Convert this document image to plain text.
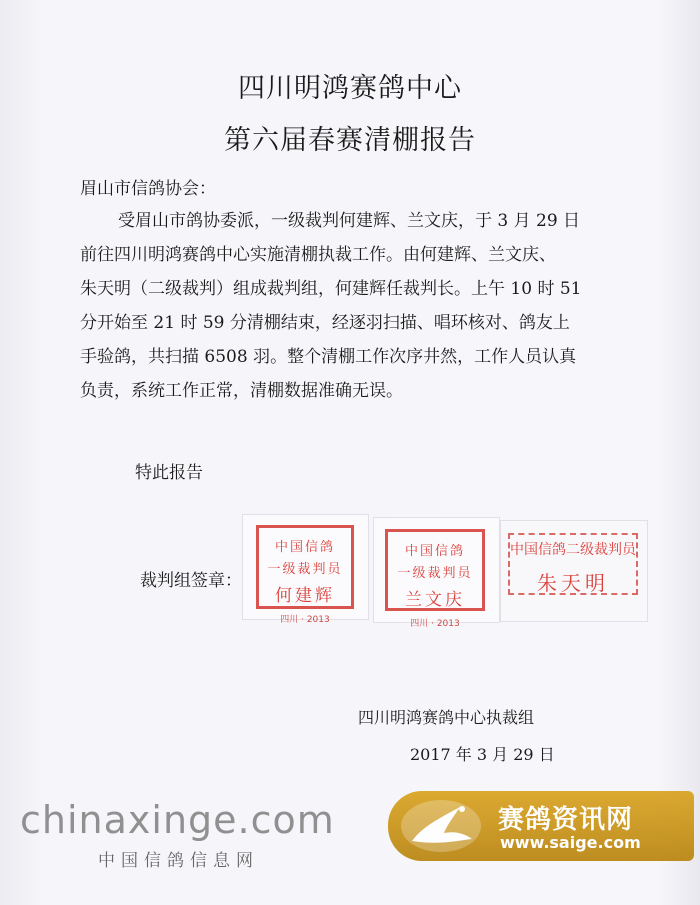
四川明鸿赛鸽中心
第六届春赛清棚报告
眉山市信鸽协会：
受眉山市鸽协委派，一级裁判何建辉、兰文庆，于 3 月 29 日
前往四川明鸿赛鸽中心实施清棚执裁工作。由何建辉、兰文庆、
朱天明（二级裁判）组成裁判组，何建辉任裁判长。上午 10 时 51
分开始至 21 时 59 分清棚结束，经逐羽扫描、唱环核对、鸽友上
手验鸽，共扫描 6508 羽。整个清棚工作次序井然，工作人员认真
负责，系统工作正常，清棚数据准确无误。
特此报告
裁判组签章：
中国信鸽
一级裁判员
何建辉
四川 · 2013
中国信鸽
一级裁判员
兰文庆
四川 · 2013
中国信鸽二级裁判员
朱天明
四川明鸿赛鸽中心执裁组
2017 年 3 月 29 日
chinaxinge.com
中国信鸽信息网
赛鸽资讯网
www.saige.com
